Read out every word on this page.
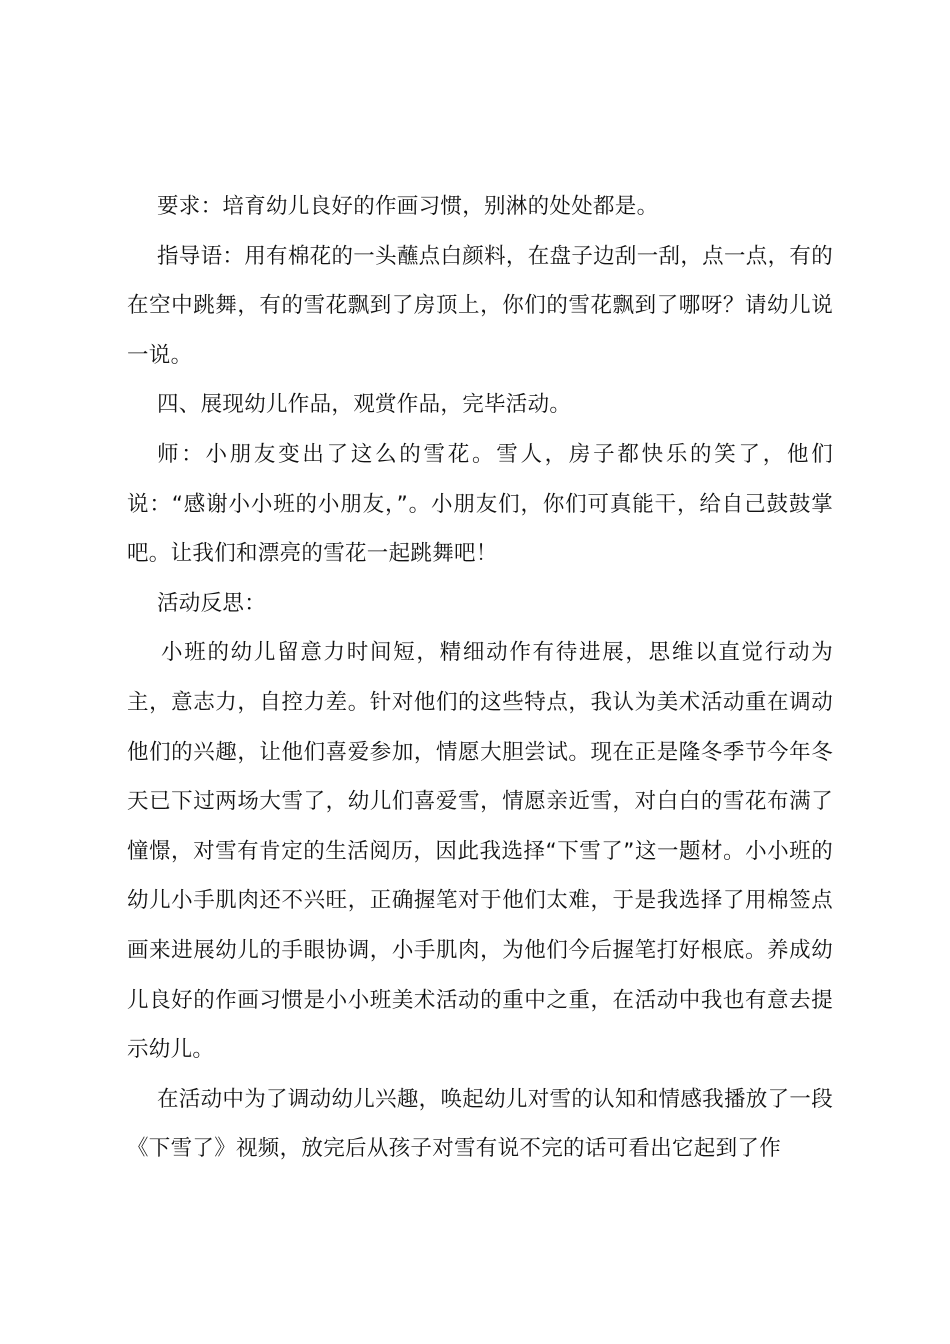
要求：培育幼儿良好的作画习惯，别淋的处处都是。

指导语：用有棉花的一头蘸点白颜料，在盘子边刮一刮，点一点，有的在空中跳舞，有的雪花飘到了房顶上，你们的雪花飘到了哪呀？请幼儿说一说。

四、展现幼儿作品，观赏作品，完毕活动。

师：小朋友变出了这么的雪花。雪人，房子都快乐的笑了，他们说：“感谢小小班的小朋友，”。小朋友们，你们可真能干，给自己鼓鼓掌吧。让我们和漂亮的雪花一起跳舞吧！

活动反思：

小班的幼儿留意力时间短，精细动作有待进展，思维以直觉行动为主，意志力，自控力差。针对他们的这些特点，我认为美术活动重在调动他们的兴趣，让他们喜爱参加，情愿大胆尝试。现在正是隆冬季节今年冬天已下过两场大雪了，幼儿们喜爱雪，情愿亲近雪，对白白的雪花布满了憧憬，对雪有肯定的生活阅历，因此我选择“下雪了”这一题材。小小班的幼儿小手肌肉还不兴旺，正确握笔对于他们太难，于是我选择了用棉签点画来进展幼儿的手眼协调，小手肌肉，为他们今后握笔打好根底。养成幼儿良好的作画习惯是小小班美术活动的重中之重，在活动中我也有意去提示幼儿。

在活动中为了调动幼儿兴趣，唤起幼儿对雪的认知和情感我播放了一段《下雪了》视频，放完后从孩子对雪有说不完的话可看出它起到了作
